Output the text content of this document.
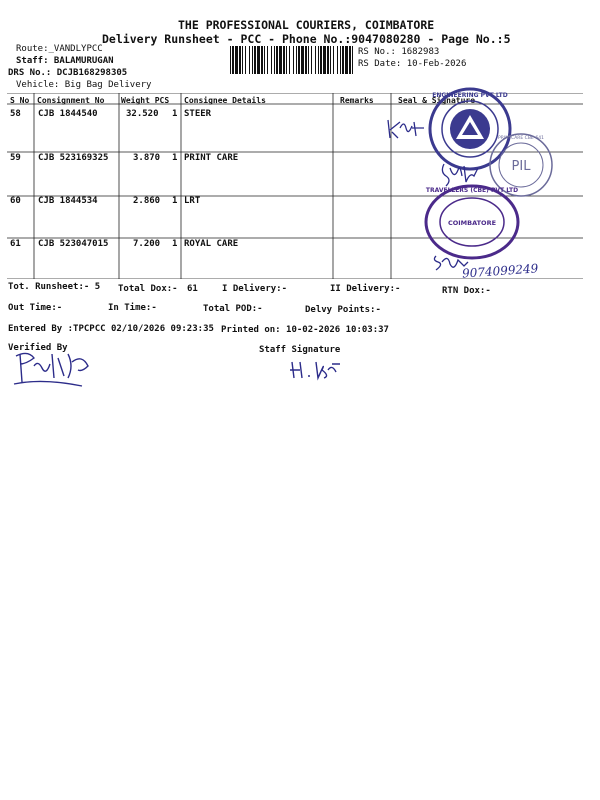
THE PROFESSIONAL COURIERS, COIMBATORE
Delivery Runsheet - PCC - Phone No.:9047080280 - Page No.:5
Route:_VANDLYPCC
Staff: BALAMURUGAN
DRS No.: DCJB168298305
Vehicle: Big Bag Delivery
RS No.: 1682983
RS Date: 10-Feb-2026
S No Consignment No Weight PCS Consignee Details	Remarks	Seal & Signature
58 CJB 1844540	32.520 1 STEER
59 CJB 523169325	3.870 1 PRINT CARE
60 CJB 1844534	2.860 1 LRT
61 CJB 523047015	7.200 1 ROYAL CARE
ENGINEERING PVT LTD
PIL
PRINTCARE CBE-641
TRAVELLERS (CBE) PVT LTD
COIMBATORE
9074099249
Tot. Runsheet:- 5 Total Dox:- 61	I Delivery:-	II Delivery:-	RTN Dox:-
Out Time:-	In Time:-	Total POD:-	Delvy Points:-
Entered By :TPCPCC 02/10/2026 09:23:35 Printed on: 10-02-2026 10:03:37
Verified By	Staff Signature
